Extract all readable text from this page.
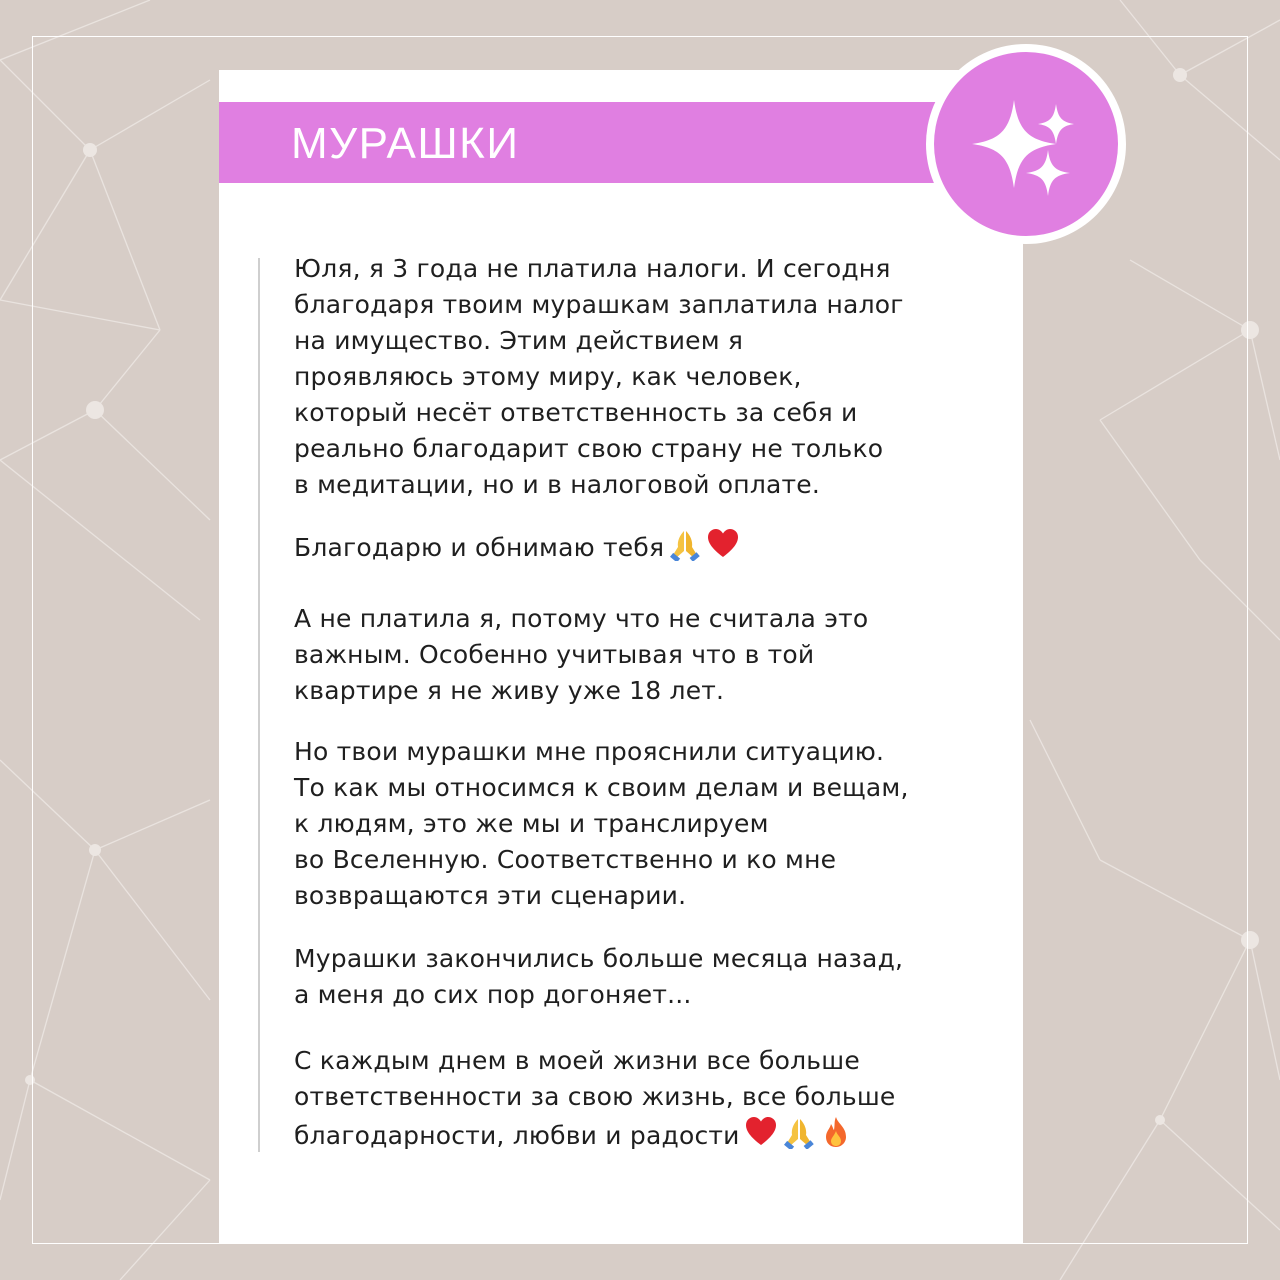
МУРАШКИ

Юля, я 3 года не платила налоги. И сегодня
благодаря твоим мурашкам заплатила налог
на имущество. Этим действием я
проявляюсь этому миру, как человек,
который несёт ответственность за себя и
реально благодарит свою страну не только
в медитации, но и в налоговой оплате.

Благодарю и обнимаю тебя

А не платила я, потому что не считала это
важным. Особенно учитывая что в той
квартире я не живу уже 18 лет.

Но твои мурашки мне прояснили ситуацию.
То как мы относимся к своим делам и вещам,
к людям, это же мы и транслируем
во Вселенную. Соответственно и ко мне
возвращаются эти сценарии.

Мурашки закончились больше месяца назад,
а меня до сих пор догоняет...

С каждым днем в моей жизни все больше
ответственности за свою жизнь, все больше
благодарности, любви и радости
